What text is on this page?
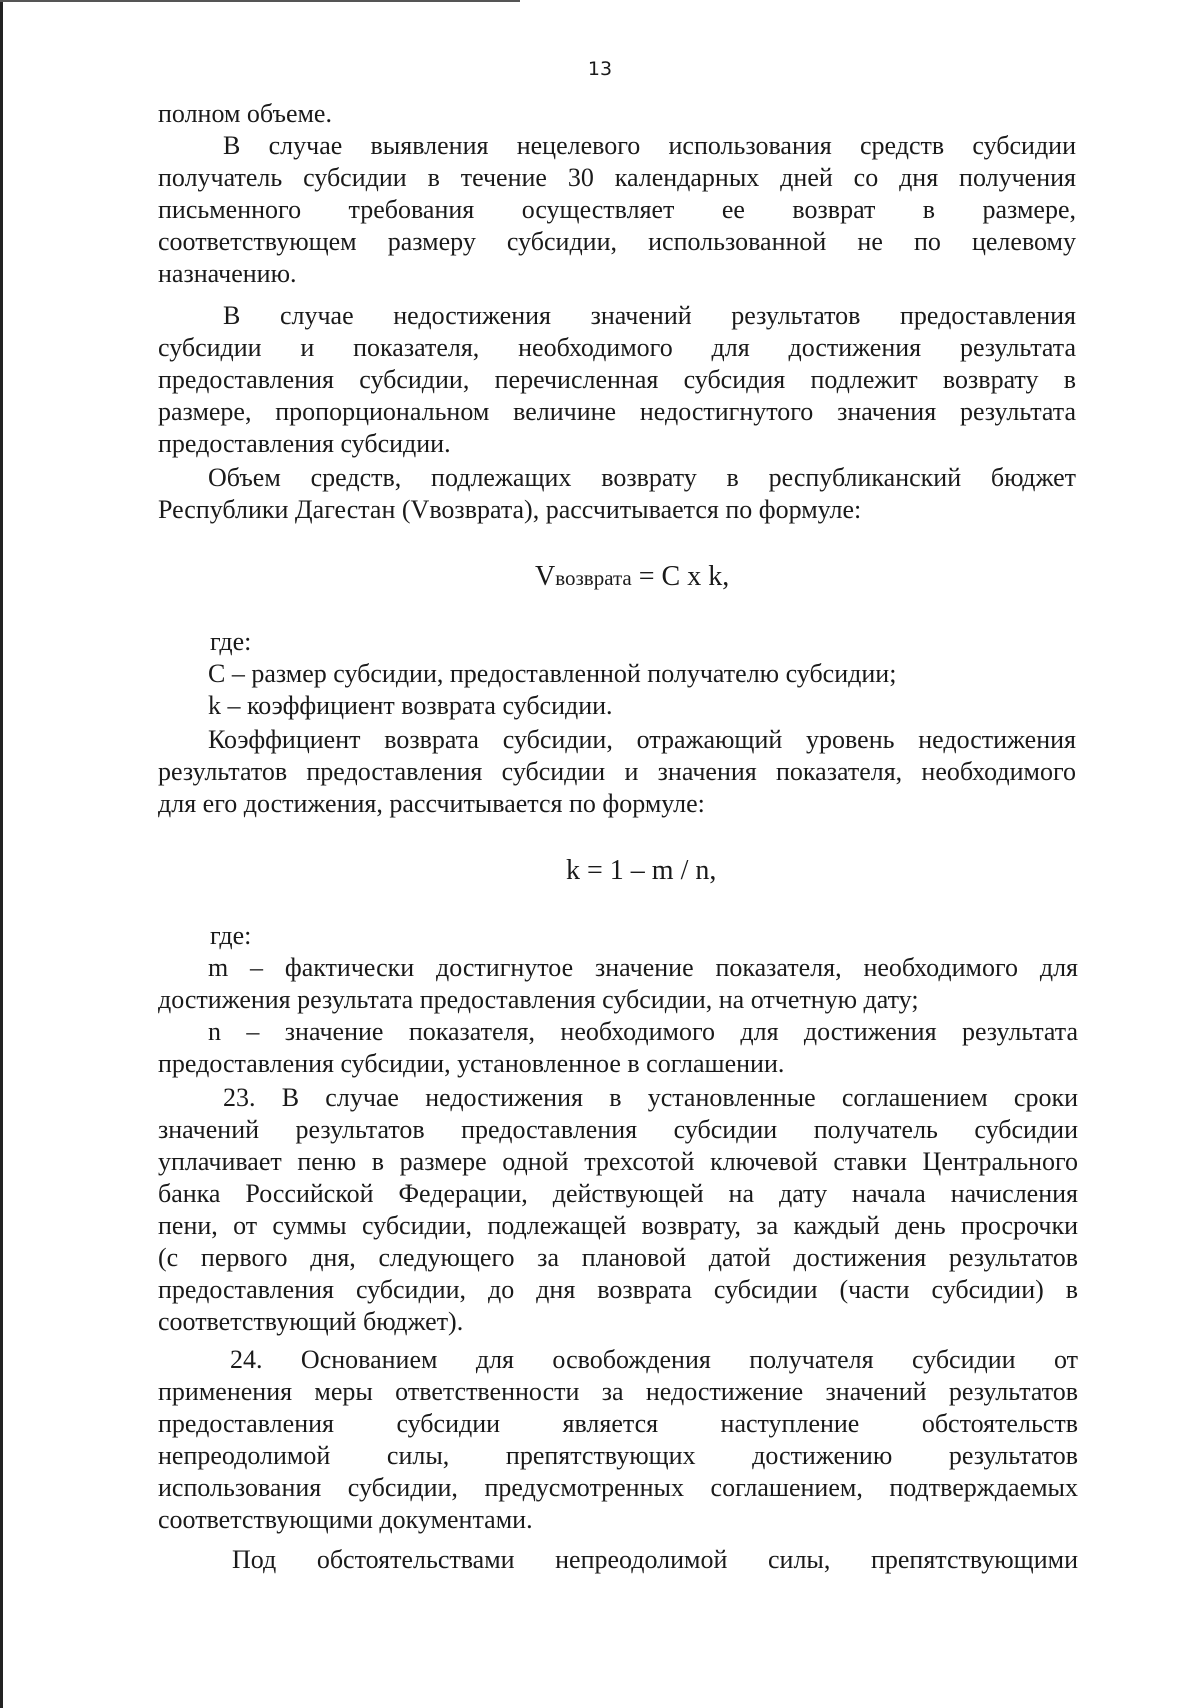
13
полном объеме.
В случае выявления нецелевого использования средств субсидии
получатель субсидии в течение 30 календарных дней со дня получения
письменного требования осуществляет ее возврат в размере,
соответствующем размеру субсидии, использованной не по целевому
назначению.
В случае недостижения значений результатов предоставления
субсидии и показателя, необходимого для достижения результата
предоставления субсидии, перечисленная субсидия подлежит возврату в
размере, пропорциональном величине недостигнутого значения результата
предоставления субсидии.
Объем средств, подлежащих возврату в республиканский бюджет
Республики Дагестан (Vвозврата), рассчитывается по формуле:
Vвозврата = С х k,
где:
С – размер субсидии, предоставленной получателю субсидии;
k – коэффициент возврата субсидии.
Коэффициент возврата субсидии, отражающий уровень недостижения
результатов предоставления субсидии и значения показателя, необходимого
для его достижения, рассчитывается по формуле:
k = 1 – m / n,
где:
m – фактически достигнутое значение показателя, необходимого для
достижения результата предоставления субсидии, на отчетную дату;
n – значение показателя, необходимого для достижения результата
предоставления субсидии, установленное в соглашении.
23. В случае недостижения в установленные соглашением сроки
значений результатов предоставления субсидии получатель субсидии
уплачивает пеню в размере одной трехсотой ключевой ставки Центрального
банка Российской Федерации, действующей на дату начала начисления
пени, от суммы субсидии, подлежащей возврату, за каждый день просрочки
(с первого дня, следующего за плановой датой достижения результатов
предоставления субсидии, до дня возврата субсидии (части субсидии) в
соответствующий бюджет).
24. Основанием для освобождения получателя субсидии от
применения меры ответственности за недостижение значений результатов
предоставления субсидии является наступление обстоятельств
непреодолимой силы, препятствующих достижению результатов
использования субсидии, предусмотренных соглашением, подтверждаемых
соответствующими документами.
Под обстоятельствами непреодолимой силы, препятствующими
